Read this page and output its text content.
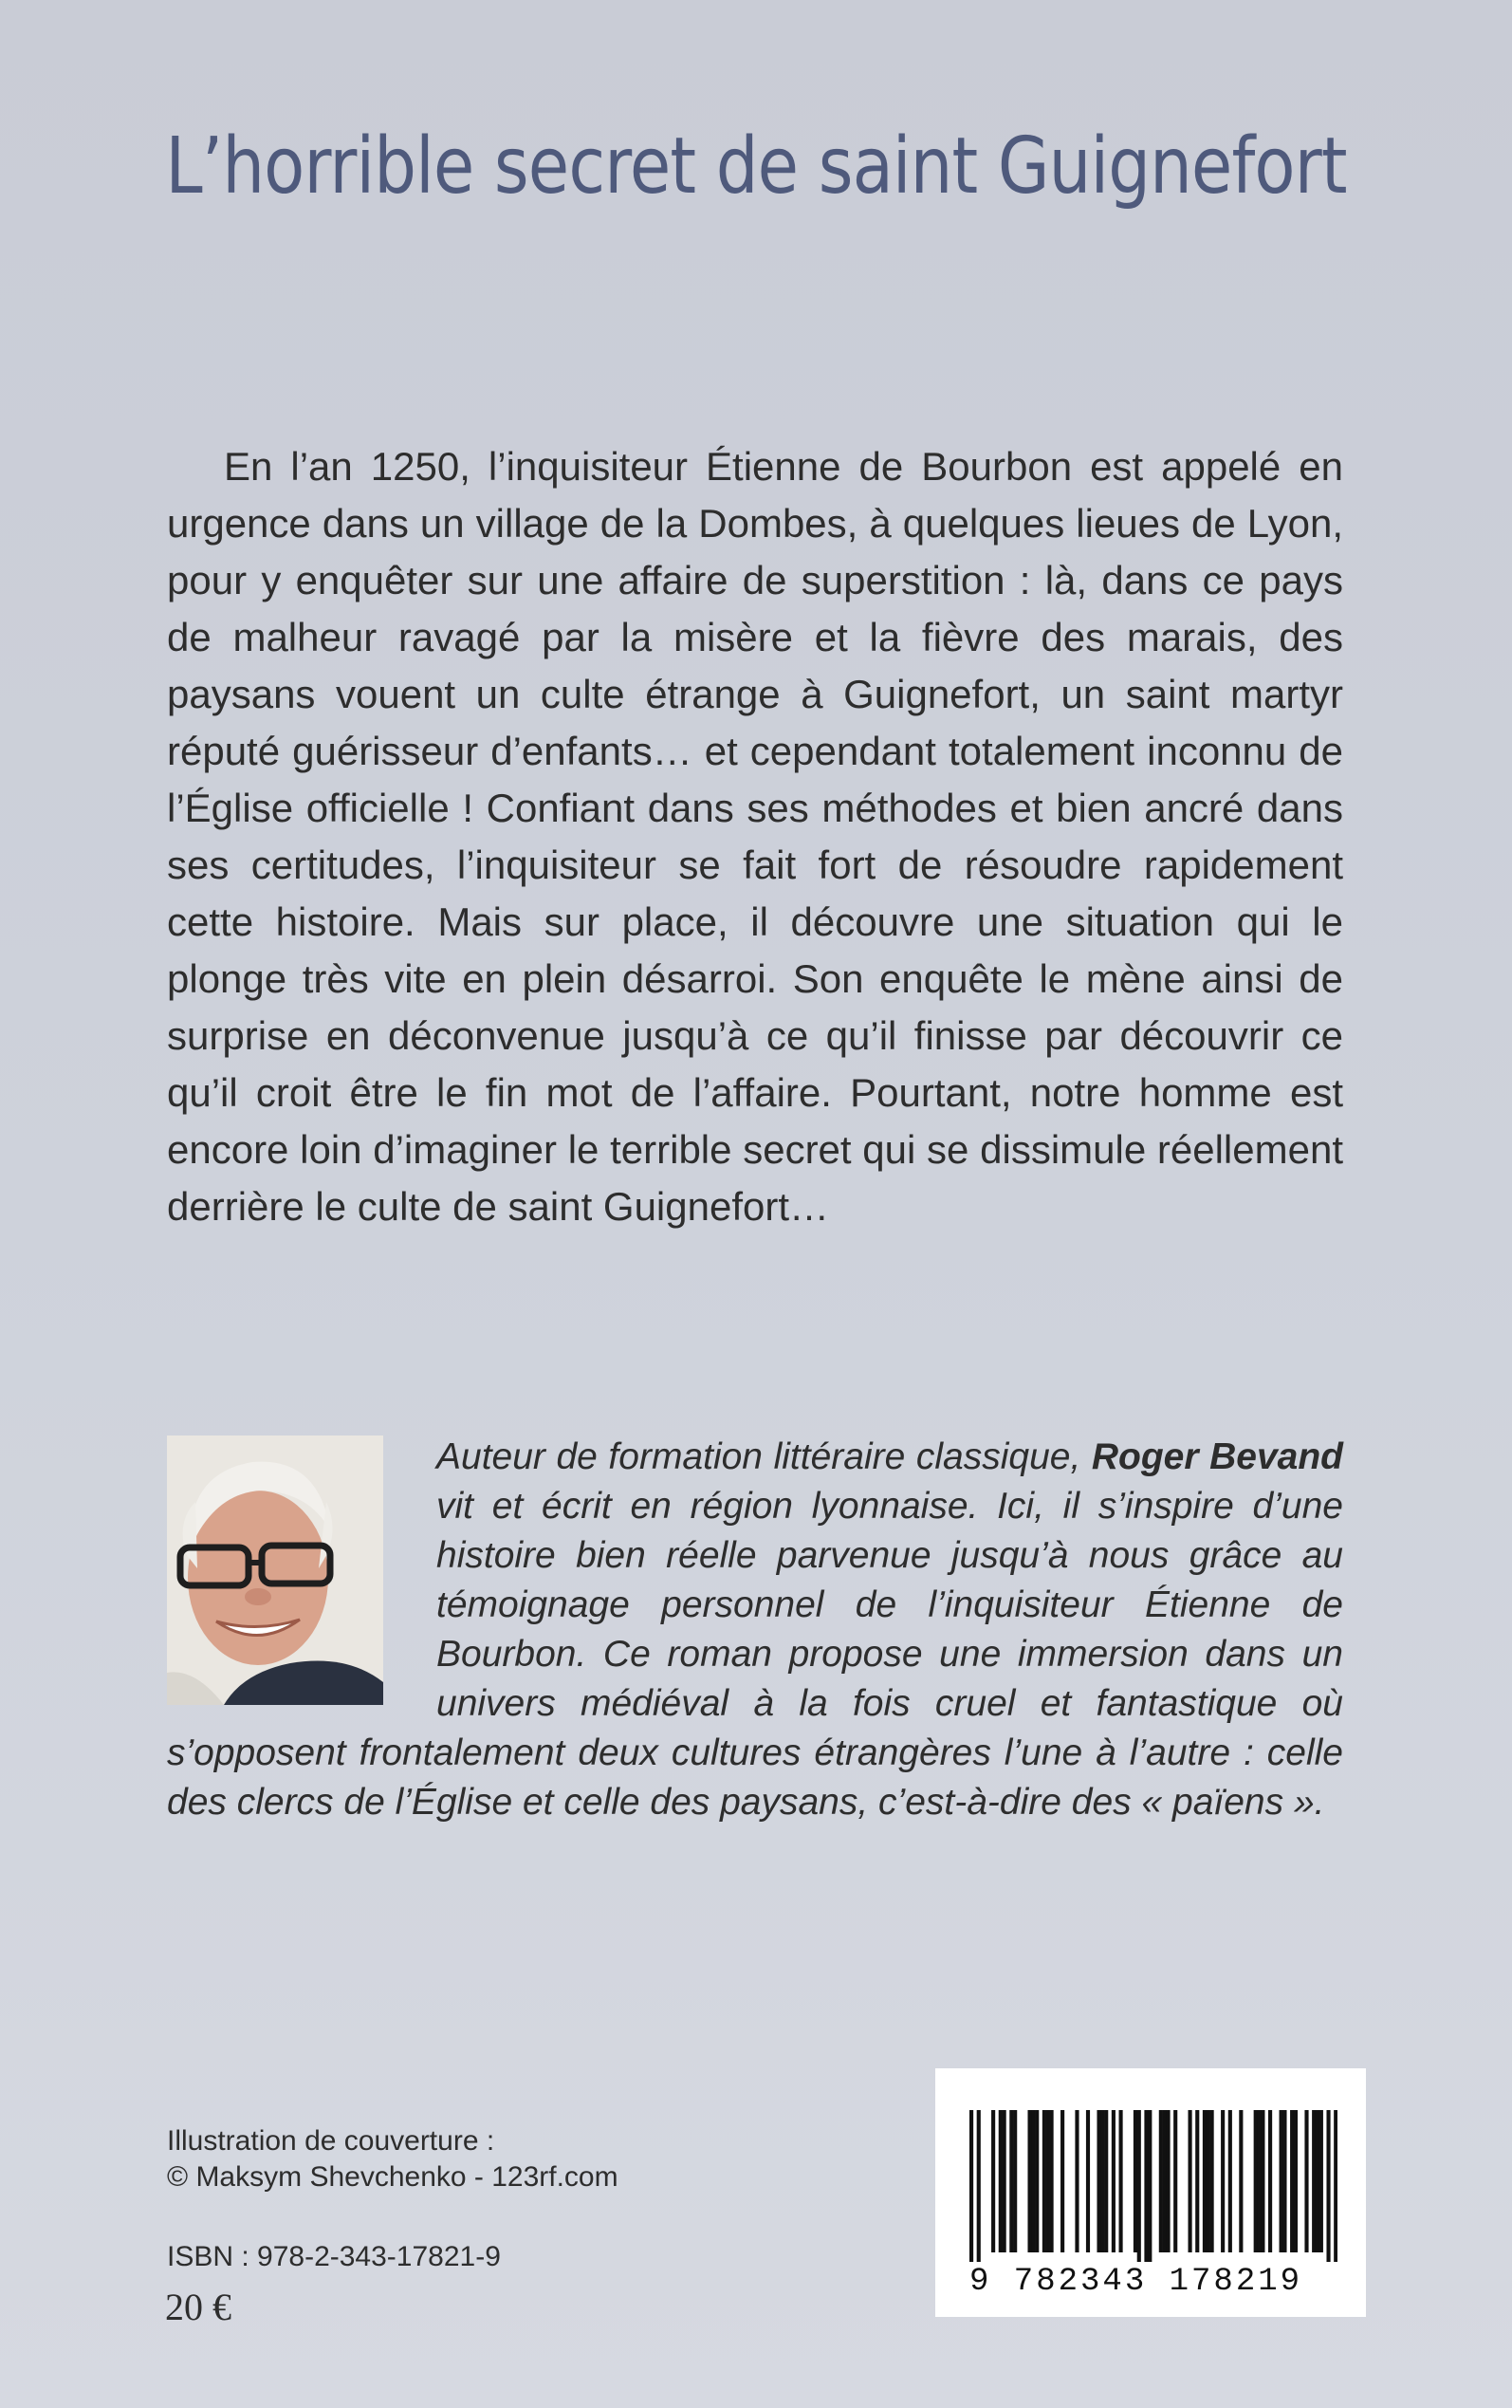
L’horrible secret de saint Guignefort

En l’an 1250, l’inquisiteur Étienne de Bourbon est appelé en urgence dans un village de la Dombes, à quelques lieues de Lyon, pour y enquêter sur une affaire de superstition : là, dans ce pays de malheur ravagé par la misère et la fièvre des marais, des paysans vouent un culte étrange à Guignefort, un saint martyr réputé guérisseur d’enfants… et cependant totalement inconnu de l’Église officielle ! Confiant dans ses méthodes et bien ancré dans ses certitudes, l’inquisiteur se fait fort de résoudre rapidement cette histoire. Mais sur place, il découvre une situation qui le plonge très vite en plein désarroi. Son enquête le mène ainsi de surprise en déconvenue jusqu’à ce qu’il finisse par découvrir ce qu’il croit être le fin mot de l’affaire. Pourtant, notre homme est encore loin d’imaginer le terrible secret qui se dissimule réellement derrière le culte de saint Guignefort…

Auteur de formation littéraire classique, Roger Bevand vit et écrit en région lyonnaise. Ici, il s’inspire d’une histoire bien réelle parvenue jusqu’à nous grâce au témoignage personnel de l’inquisiteur Étienne de Bourbon. Ce roman propose une immersion dans un univers médiéval à la fois cruel et fantastique où s’opposent frontalement deux cultures étrangères l’une à l’autre : celle des clercs de l’Église et celle des paysans, c’est-à-dire des « païens ».

Illustration de couverture :
© Maksym Shevchenko - 123rf.com
ISBN : 978-2-343-17821-9
20 €
9 782343 178219
